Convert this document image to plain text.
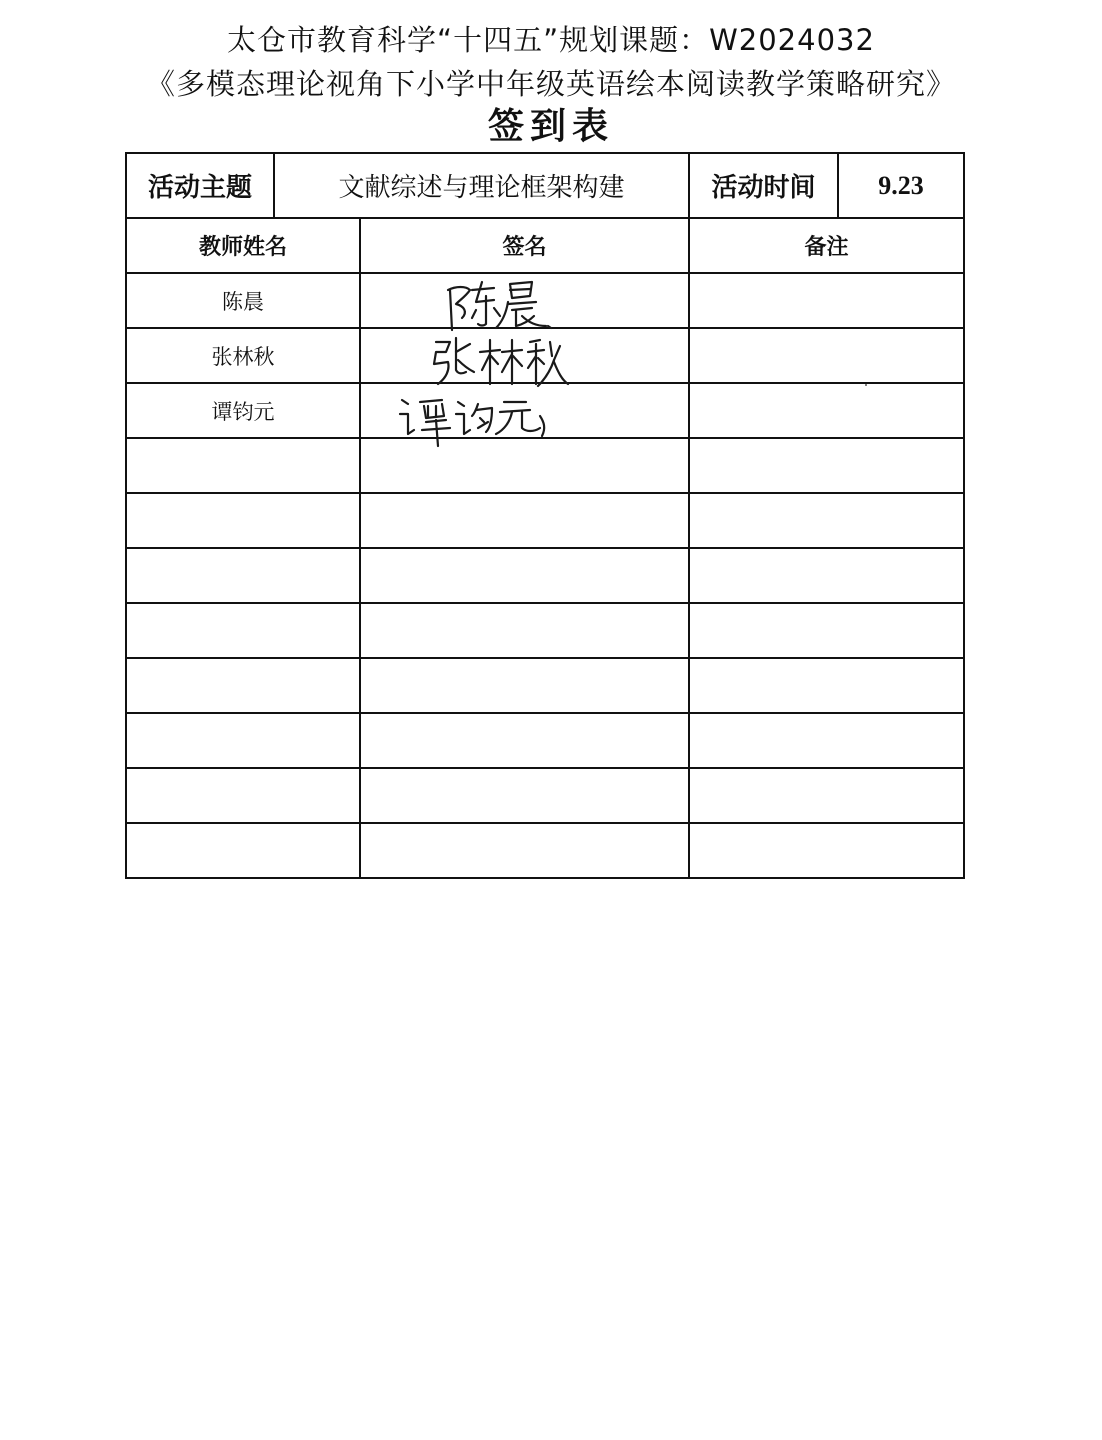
太仓市教育科学“十四五”规划课题：W2024032
《多模态理论视角下小学中年级英语绘本阅读教学策略研究》
签到表
活动主题	文献综述与理论框架构建	活动时间	9.23
教师姓名	签名	备注
陈晨
张林秋
谭钧元
